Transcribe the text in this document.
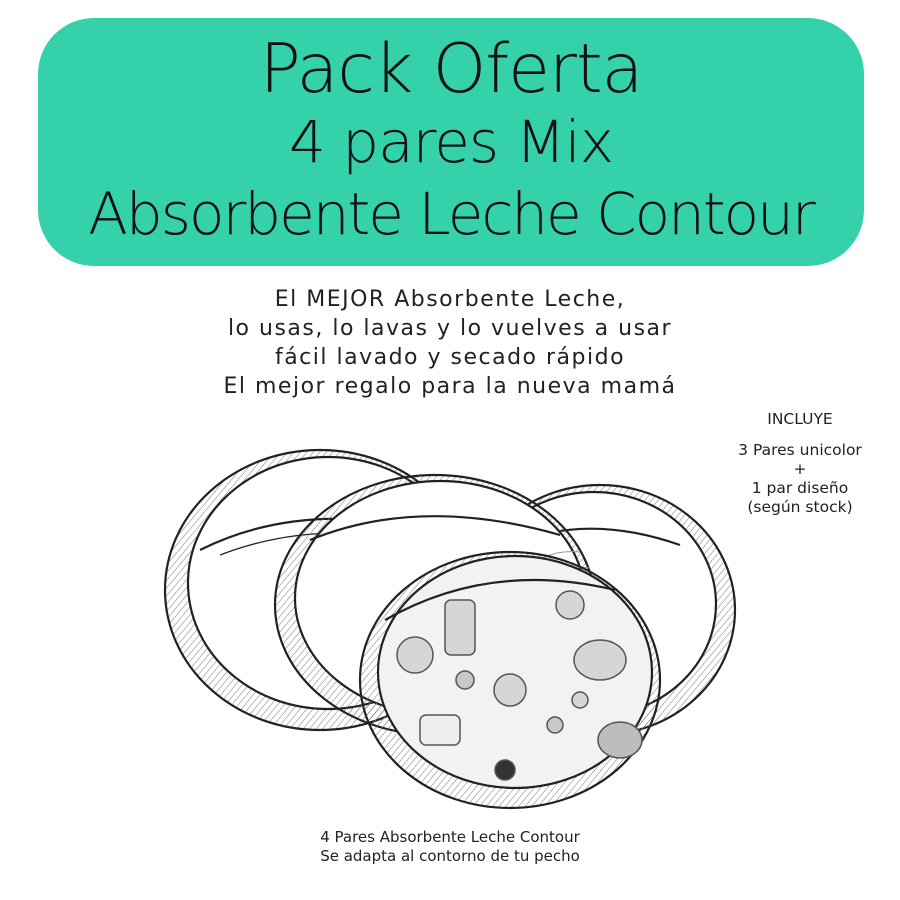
Pack Oferta
4 pares Mix
Absorbente Leche Contour
El MEJOR Absorbente Leche,
lo usas, lo lavas y lo vuelves a usar
fácil lavado y secado rápido
El mejor regalo para la nueva mamá
INCLUYE
3 Pares unicolor
+
1 par diseño
(según stock)
4 Pares Absorbente Leche Contour
Se adapta al contorno de tu pecho
